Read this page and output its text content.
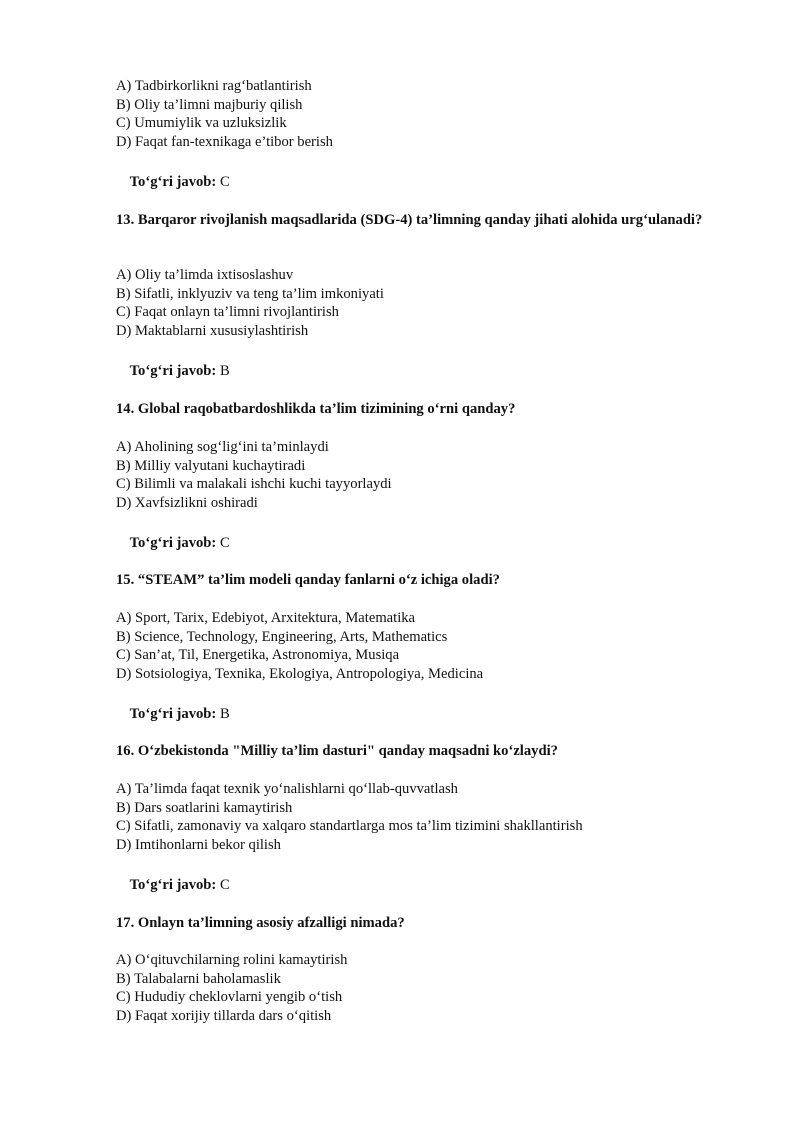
A) Tadbirkorlikni rag‘batlantirish
B) Oliy ta’limni majburiy qilish
C) Umumiylik va uzluksizlik
D) Faqat fan-texnikaga e’tibor berish
To‘g‘ri javob: C
13. Barqaror rivojlanish maqsadlarida (SDG-4) ta’limning qanday jihati alohida urg‘ulanadi?
A) Oliy ta’limda ixtisoslashuv
B) Sifatli, inklyuziv va teng ta’lim imkoniyati
C) Faqat onlayn ta’limni rivojlantirish
D) Maktablarni xususiylashtirish
To‘g‘ri javob: B
14. Global raqobatbardoshlikda ta’lim tizimining o‘rni qanday?
A) Aholining sog‘lig‘ini ta’minlaydi
B) Milliy valyutani kuchaytiradi
C) Bilimli va malakali ishchi kuchi tayyorlaydi
D) Xavfsizlikni oshiradi
To‘g‘ri javob: C
15. “STEAM” ta’lim modeli qanday fanlarni o‘z ichiga oladi?
A) Sport, Tarix, Edebiyot, Arxitektura, Matematika
B) Science, Technology, Engineering, Arts, Mathematics
C) San’at, Til, Energetika, Astronomiya, Musiqa
D) Sotsiologiya, Texnika, Ekologiya, Antropologiya, Medicina
To‘g‘ri javob: B
16. O‘zbekistonda "Milliy ta’lim dasturi" qanday maqsadni ko‘zlaydi?
A) Ta’limda faqat texnik yo‘nalishlarni qo‘llab-quvvatlash
B) Dars soatlarini kamaytirish
C) Sifatli, zamonaviy va xalqaro standartlarga mos ta’lim tizimini shakllantirish
D) Imtihonlarni bekor qilish
To‘g‘ri javob: C
17. Onlayn ta’limning asosiy afzalligi nimada?
A) O‘qituvchilarning rolini kamaytirish
B) Talabalarni baholamaslik
C) Hududiy cheklovlarni yengib o‘tish
D) Faqat xorijiy tillarda dars o‘qitish
